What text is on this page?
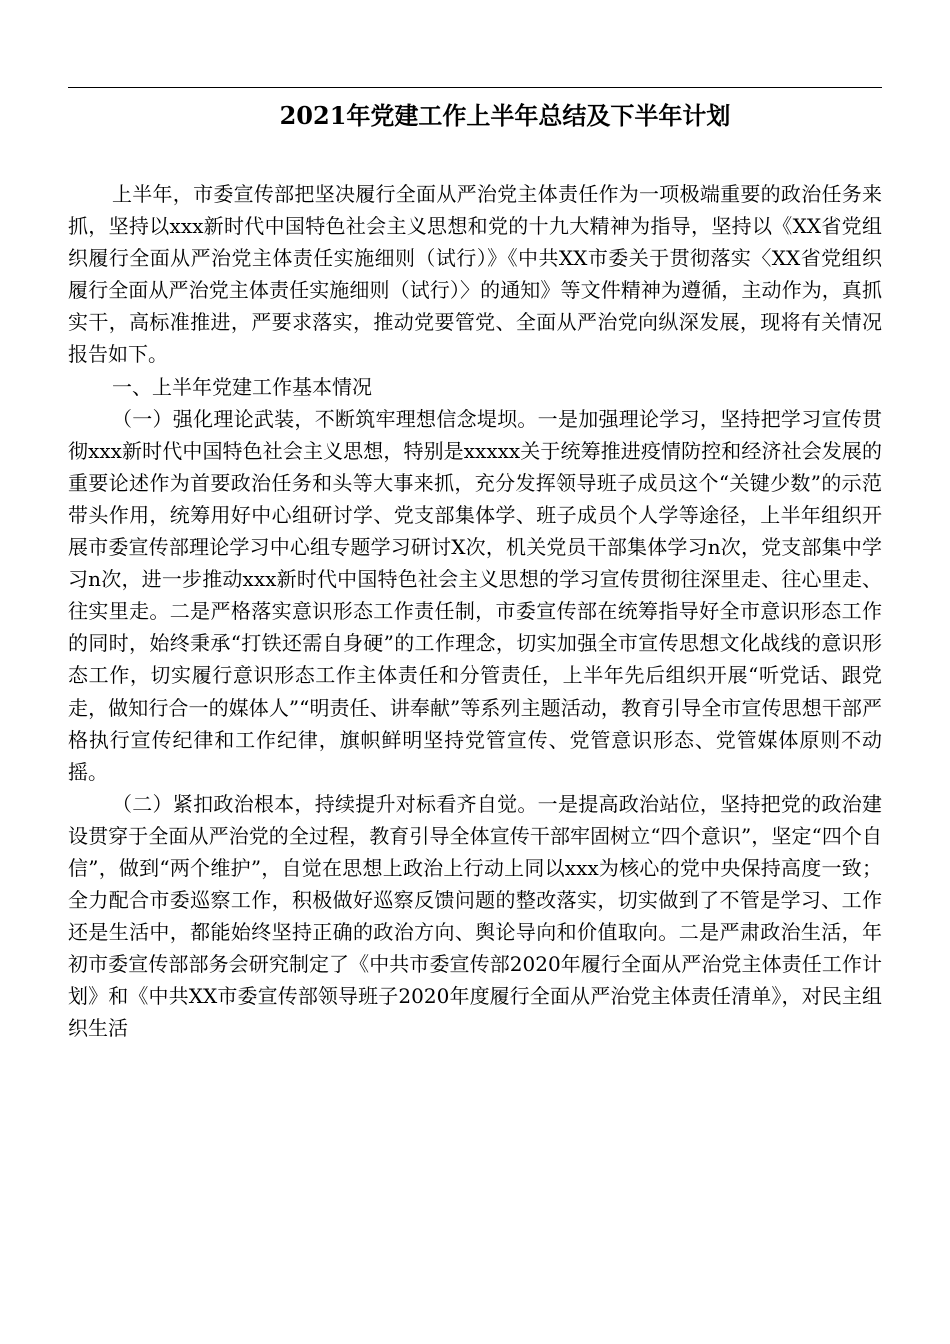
2021年党建工作上半年总结及下半年计划

上半年，市委宣传部把坚决履行全面从严治党主体责任作为一项极端重要的政治任务来抓，坚持以xxx新时代中国特色社会主义思想和党的十九大精神为指导，坚持以《XX省党组织履行全面从严治党主体责任实施细则（试行）》《中共XX市委关于贯彻落实〈XX省党组织履行全面从严治党主体责任实施细则（试行）〉的通知》等文件精神为遵循，主动作为，真抓实干，高标准推进，严要求落实，推动党要管党、全面从严治党向纵深发展，现将有关情况报告如下。

一、上半年党建工作基本情况

（一）强化理论武装，不断筑牢理想信念堤坝。一是加强理论学习，坚持把学习宣传贯彻xxx新时代中国特色社会主义思想，特别是xxxxx关于统筹推进疫情防控和经济社会发展的重要论述作为首要政治任务和头等大事来抓，充分发挥领导班子成员这个“关键少数”的示范带头作用，统筹用好中心组研讨学、党支部集体学、班子成员个人学等途径，上半年组织开展市委宣传部理论学习中心组专题学习研讨X次，机关党员干部集体学习n次，党支部集中学习n次，进一步推动xxx新时代中国特色社会主义思想的学习宣传贯彻往深里走、往心里走、往实里走。二是严格落实意识形态工作责任制，市委宣传部在统筹指导好全市意识形态工作的同时，始终秉承“打铁还需自身硬”的工作理念，切实加强全市宣传思想文化战线的意识形态工作，切实履行意识形态工作主体责任和分管责任，上半年先后组织开展“听党话、跟党走，做知行合一的媒体人”“明责任、讲奉献”等系列主题活动，教育引导全市宣传思想干部严格执行宣传纪律和工作纪律，旗帜鲜明坚持党管宣传、党管意识形态、党管媒体原则不动摇。

（二）紧扣政治根本，持续提升对标看齐自觉。一是提高政治站位，坚持把党的政治建设贯穿于全面从严治党的全过程，教育引导全体宣传干部牢固树立“四个意识”，坚定“四个自信”，做到“两个维护”，自觉在思想上政治上行动上同以xxx为核心的党中央保持高度一致；全力配合市委巡察工作，积极做好巡察反馈问题的整改落实，切实做到了不管是学习、工作还是生活中，都能始终坚持正确的政治方向、舆论导向和价值取向。二是严肃政治生活，年初市委宣传部部务会研究制定了《中共市委宣传部2020年履行全面从严治党主体责任工作计划》和《中共XX市委宣传部领导班子2020年度履行全面从严治党主体责任清单》，对民主组织生活
